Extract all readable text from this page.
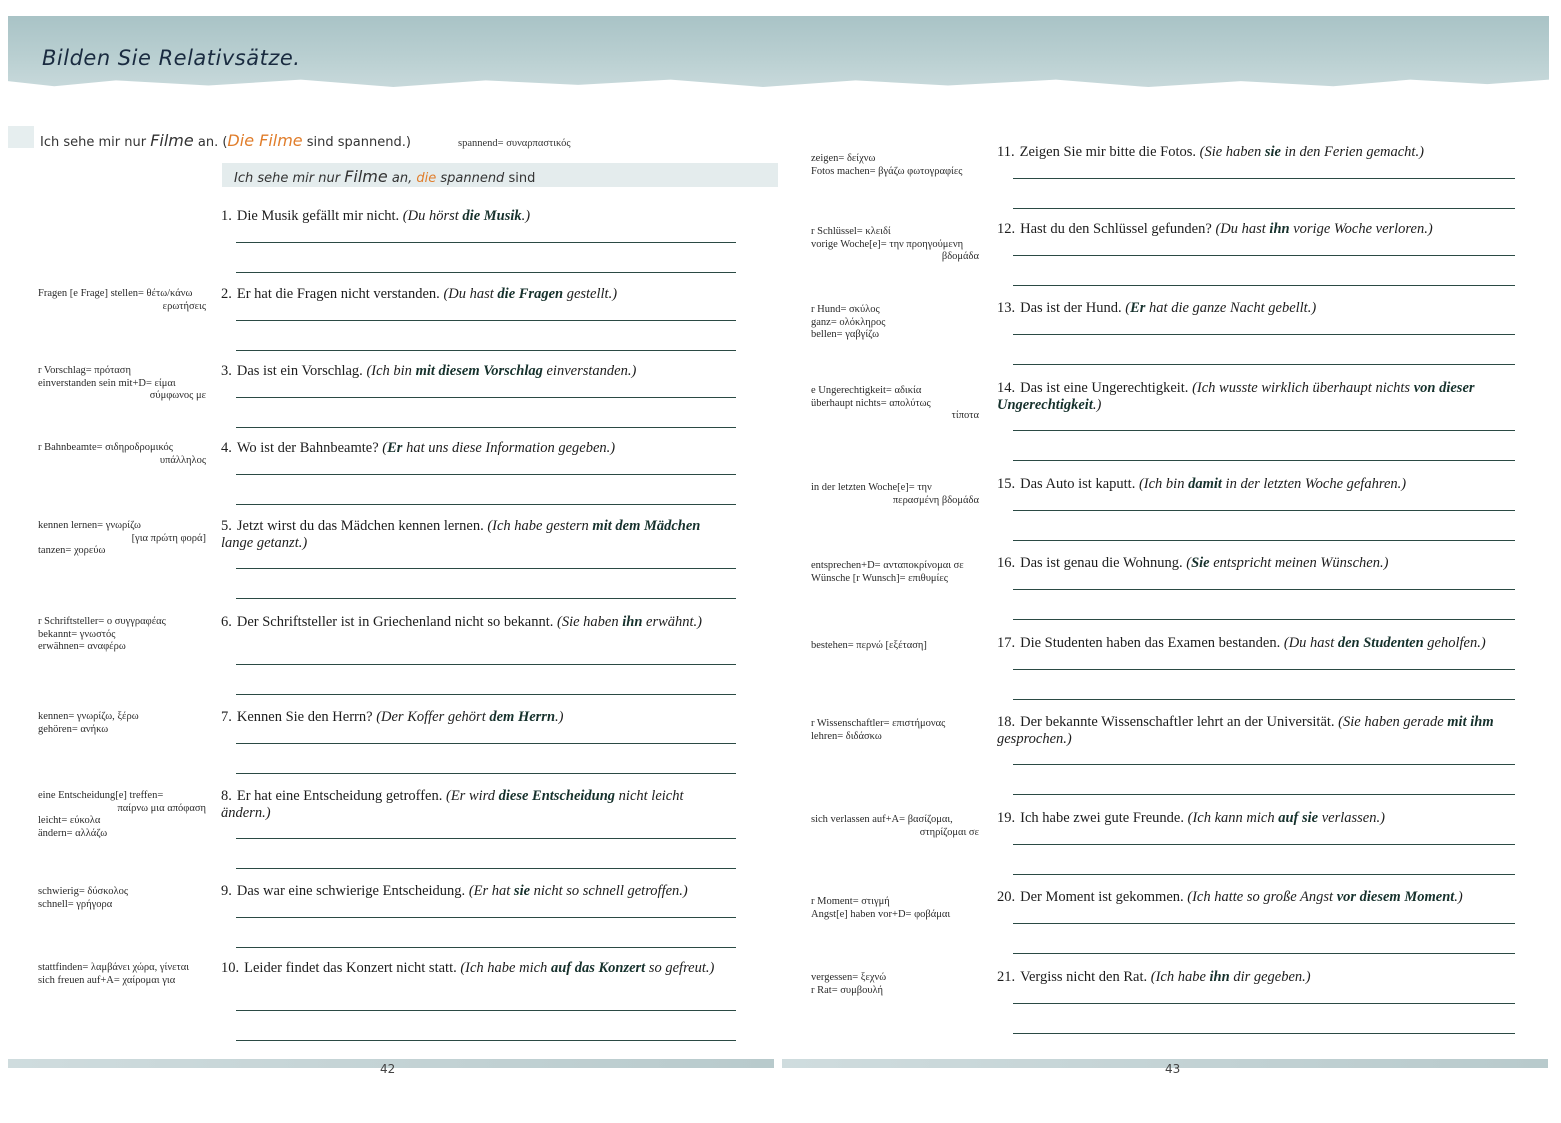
Bilden Sie Relativsätze.
Ich sehe mir nur Filme an. (Die Filme sind spannend.)	spannend= συναρπαστικός
Ich sehe mir nur Filme an, die spannend sind
Fragen [e Frage] stellen= θέτω/κάνω
ερωτήσεις
r Vorschlag= πρόταση
einverstanden sein mit+D= είμαι
σύμφωνος με
r Bahnbeamte= σιδηροδρομικός
υπάλληλος
kennen lernen= γνωρίζω
[για πρώτη φορά]
tanzen= χορεύω
r Schriftsteller= ο συγγραφέας
bekannt= γνωστός
erwähnen= αναφέρω
kennen= γνωρίζω, ξέρω
gehören= ανήκω
eine Entscheidung[e] treffen=
παίρνω μια απόφαση
leicht= εύκολα
ändern= αλλάζω
schwierig= δύσκολος
schnell= γρήγορα
stattfinden= λαμβάνει χώρα, γίνεται
sich freuen auf+A= χαίρομαι για
zeigen= δείχνω
Fotos machen= βγάζω φωτογραφίες
r Schlüssel= κλειδί
vorige Woche[e]= την προηγούμενη
βδομάδα
r Hund= σκύλος
ganz= ολόκληρος
bellen= γαβγίζω
e Ungerechtigkeit= αδικία
überhaupt nichts= απολύτως
τίποτα
in der letzten Woche[e]= την
περασμένη βδομάδα
entsprechen+D= ανταποκρίνομαι σε
Wünsche [r Wunsch]= επιθυμίες
bestehen= περνώ [εξέταση]
r Wissenschaftler= επιστήμονας
lehren= διδάσκω
sich verlassen auf+A= βασίζομαι,
στηρίζομαι σε
r Moment= στιγμή
Angst[e] haben vor+D= φοβάμαι
vergessen= ξεχνώ
r Rat= συμβουλή
1. Die Musik gefällt mir nicht. (Du hörst die Musik.)
2. Er hat die Fragen nicht verstanden. (Du hast die Fragen gestellt.)
3. Das ist ein Vorschlag. (Ich bin mit diesem Vorschlag einverstanden.)
4. Wo ist der Bahnbeamte? (Er hat uns diese Information gegeben.)
5. Jetzt wirst du das Mädchen kennen lernen. (Ich habe gestern mit dem Mädchen lange getanzt.)
6. Der Schriftsteller ist in Griechenland nicht so bekannt. (Sie haben ihn erwähnt.)
7. Kennen Sie den Herrn? (Der Koffer gehört dem Herrn.)
8. Er hat eine Entscheidung getroffen. (Er wird diese Entscheidung nicht leicht ändern.)
9. Das war eine schwierige Entscheidung. (Er hat sie nicht so schnell getroffen.)
10. Leider findet das Konzert nicht statt. (Ich habe mich auf das Konzert so gefreut.)
11. Zeigen Sie mir bitte die Fotos. (Sie haben sie in den Ferien gemacht.)
12. Hast du den Schlüssel gefunden? (Du hast ihn vorige Woche verloren.)
13. Das ist der Hund. (Er hat die ganze Nacht gebellt.)
14. Das ist eine Ungerechtigkeit. (Ich wusste wirklich überhaupt nichts von dieser Ungerechtigkeit.)
15. Das Auto ist kaputt. (Ich bin damit in der letzten Woche gefahren.)
16. Das ist genau die Wohnung. (Sie entspricht meinen Wünschen.)
17. Die Studenten haben das Examen bestanden. (Du hast den Studenten geholfen.)
18. Der bekannte Wissenschaftler lehrt an der Universität. (Sie haben gerade mit ihm gesprochen.)
19. Ich habe zwei gute Freunde. (Ich kann mich auf sie verlassen.)
20. Der Moment ist gekommen. (Ich hatte so große Angst vor diesem Moment.)
21. Vergiss nicht den Rat. (Ich habe ihn dir gegeben.)
42	43
